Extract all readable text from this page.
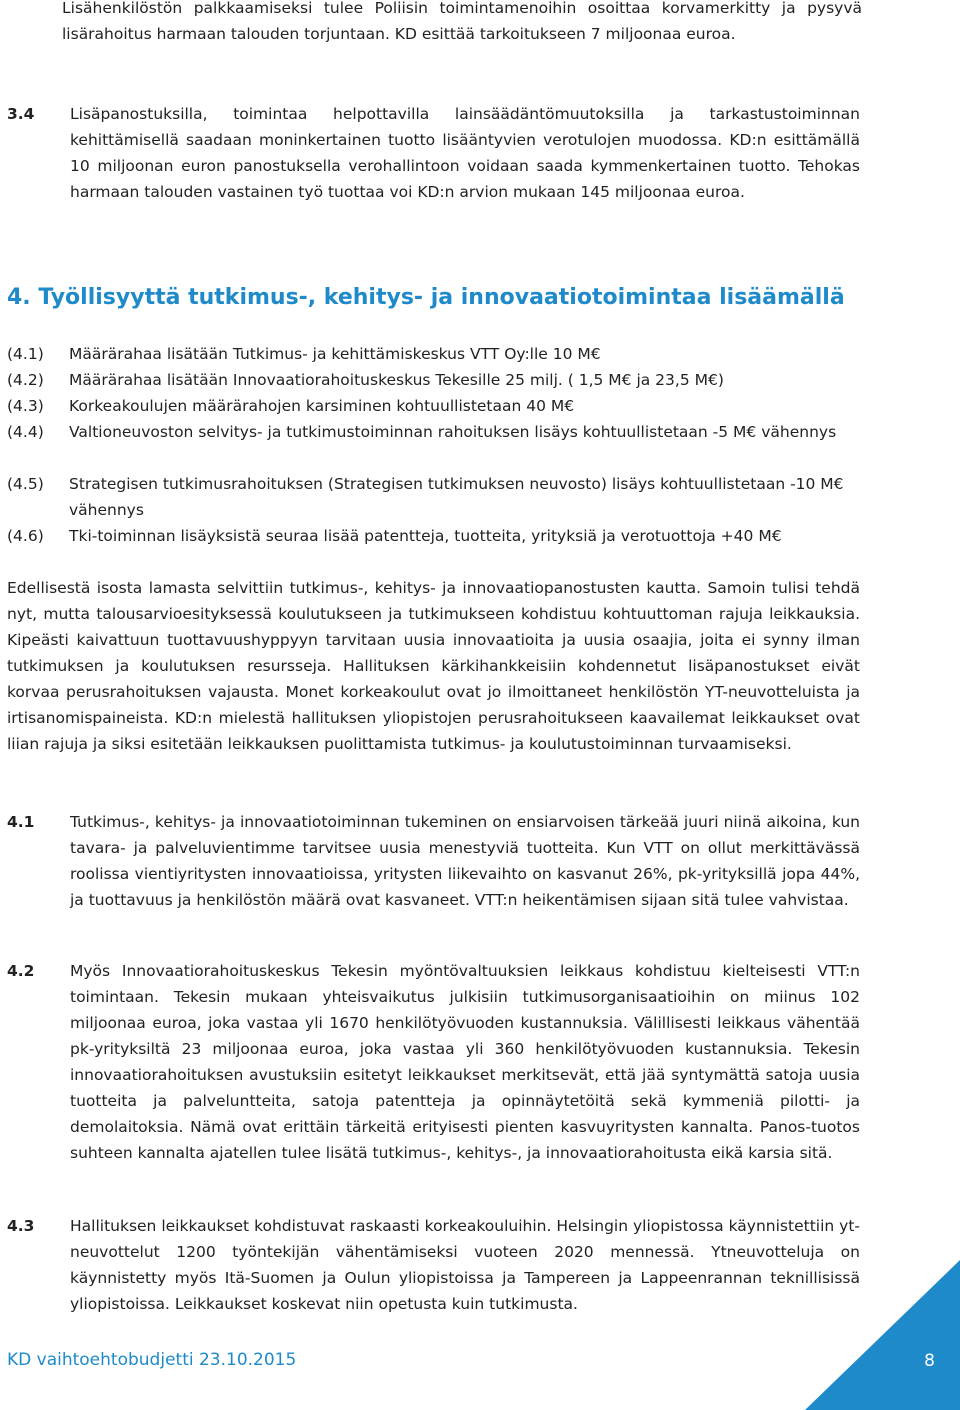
Lisähenkilöstön palkkaamiseksi tulee Poliisin toimintamenoihin osoittaa korvamerkitty ja pysyvä lisärahoitus harmaan talouden torjuntaan. KD esittää tarkoitukseen 7 miljoonaa euroa.
3.4 Lisäpanostuksilla, toimintaa helpottavilla lainsäädäntömuutoksilla ja tarkastustoiminnan kehittämisellä saadaan moninkertainen tuotto lisääntyvien verotulojen muodossa. KD:n esittämällä 10 miljoonan euron panostuksella verohallintoon voidaan saada kymmenkertainen tuotto. Tehokas harmaan talouden vastainen työ tuottaa voi KD:n arvion mukaan 145 miljoonaa euroa.
4. Työllisyyttä tutkimus-, kehitys- ja innovaatiotoimintaa lisäämällä
(4.1)	Määrärahaa lisätään Tutkimus- ja kehittämiskeskus VTT Oy:lle 10 M€
(4.2)	Määrärahaa lisätään Innovaatiorahoituskeskus Tekesille 25 milj. ( 1,5 M€ ja 23,5 M€)
(4.3)	Korkeakoulujen määrärahojen karsiminen kohtuullistetaan 40 M€
(4.4)	Valtioneuvoston selvitys- ja tutkimustoiminnan rahoituksen lisäys kohtuullistetaan -5 M€ vähennys
(4.5)	Strategisen tutkimusrahoituksen (Strategisen tutkimuksen neuvosto) lisäys kohtuullistetaan -10 M€ vähennys
(4.6)	Tki-toiminnan lisäyksistä seuraa lisää patentteja, tuotteita, yrityksiä ja verotuottoja +40 M€
Edellisestä isosta lamasta selvittiin tutkimus-, kehitys- ja innovaatiopanostusten kautta. Samoin tulisi tehdä nyt, mutta talousarvioesityksessä koulutukseen ja tutkimukseen kohdistuu kohtuuttoman rajuja leikkauksia. Kipeästi kaivattuun tuottavuushyppyyn tarvitaan uusia innovaatioita ja uusia osaajia, joita ei synny ilman tutkimuksen ja koulutuksen resursseja. Hallituksen kärkihankkeisiin kohdennetut lisäpanostukset eivät korvaa perusrahoituksen vajausta. Monet korkeakoulut ovat jo ilmoittaneet henkilöstön YT-neuvotteluista ja irtisanomispaineista. KD:n mielestä hallituksen yliopistojen perusrahoitukseen kaavailemat leikkaukset ovat liian rajuja ja siksi esitetään leikkauksen puolittamista tutkimus- ja koulutustoiminnan turvaamiseksi.
4.1 Tutkimus-, kehitys- ja innovaatiotoiminnan tukeminen on ensiarvoisen tärkeää juuri niinä aikoina, kun tavara- ja palveluvientimme tarvitsee uusia menestyviä tuotteita. Kun VTT on ollut merkittävässä roolissa vientiyritysten innovaatioissa, yritysten liikevaihto on kasvanut 26%, pk-yrityksillä jopa 44%, ja tuottavuus ja henkilöstön määrä ovat kasvaneet. VTT:n heikentämisen sijaan sitä tulee vahvistaa.
4.2 Myös Innovaatiorahoituskeskus Tekesin myöntövaltuuksien leikkaus kohdistuu kielteisesti VTT:n toimintaan. Tekesin mukaan yhteisvaikutus julkisiin tutkimusorganisaatioihin on miinus 102 miljoonaa euroa, joka vastaa yli 1670 henkilötyövuoden kustannuksia. Välillisesti leikkaus vähentää pk-yrityksiltä 23 miljoonaa euroa, joka vastaa yli 360 henkilötyövuoden kustannuksia. Tekesin innovaatiorahoituksen avustuksiin esitetyt leikkaukset merkitsevät, että jää syntymättä satoja uusia tuotteita ja palveluntteita, satoja patentteja ja opinnäytetöitä sekä kymmeniä pilotti- ja demolaitoksia. Nämä ovat erittäin tärkeitä erityisesti pienten kasvuyritysten kannalta. Panos-tuotos suhteen kannalta ajatellen tulee lisätä tutkimus-, kehitys-, ja innovaatiorahoitusta eikä karsia sitä.
4.3 Hallituksen leikkaukset kohdistuvat raskaasti korkeakouluihin. Helsingin yliopistossa käynnistettiin yt-neuvottelut 1200 työntekijän vähentämiseksi vuoteen 2020 mennessä. Ytneuvotteluja on käynnistetty myös Itä-Suomen ja Oulun yliopistoissa ja Tampereen ja Lappeenrannan teknillisissä yliopistoissa. Leikkaukset koskevat niin opetusta kuin tutkimusta.
KD vaihtoehtobudjetti 23.10.2015	8
